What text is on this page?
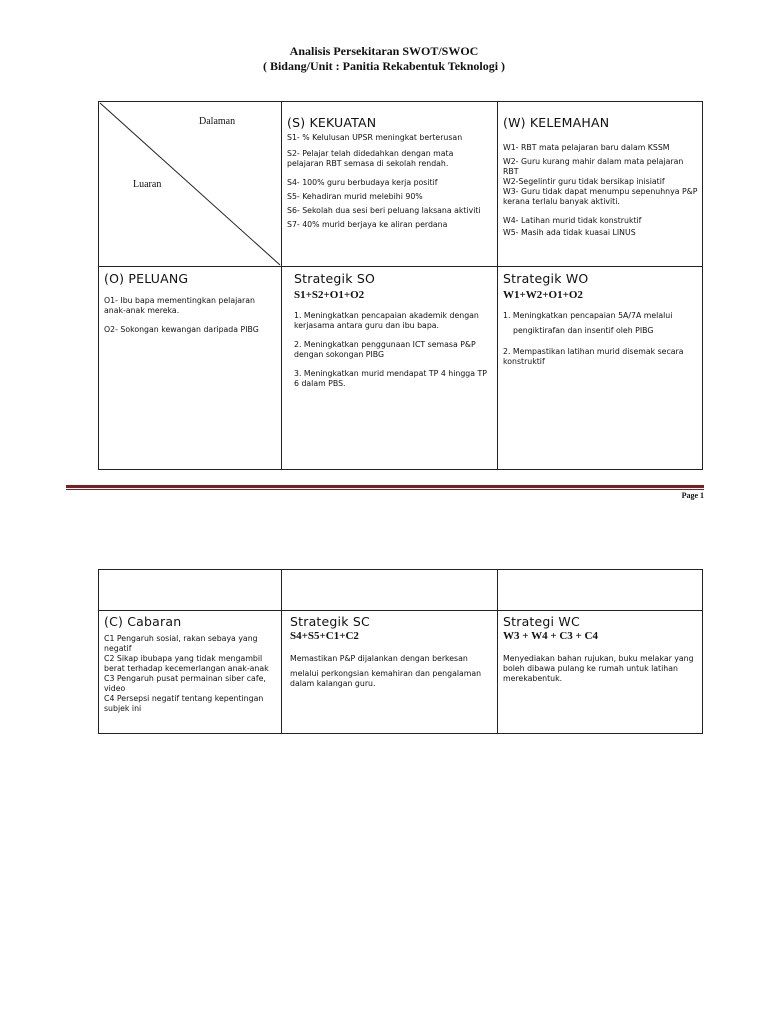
Analisis Persekitaran SWOT/SWOC
( Bidang/Unit : Panitia Rekabentuk Teknologi )
Dalaman
Luaran
(S) KEKUATAN

S1- % Kelulusan UPSR meningkat berterusan

S2- Pelajar telah didedahkan dengan mata pelajaran RBT semasa di sekolah rendah.

S4- 100% guru berbudaya kerja positif

S5- Kehadiran murid melebihi 90%

S6- Sekolah dua sesi beri peluang laksana aktiviti

S7- 40% murid berjaya ke aliran perdana

(W) KELEMAHAN

W1- RBT mata pelajaran baru dalam KSSM

W2- Guru kurang mahir dalam mata pelajaran RBT

W2-Segelintir guru tidak bersikap inisiatif

W3- Guru tidak dapat menumpu sepenuhnya P&P kerana terlalu banyak aktiviti.

W4- Latihan murid tidak konstruktif

W5- Masih ada tidak kuasai LINUS

(O) PELUANG

O1- Ibu bapa mementingkan pelajaran anak-anak mereka.

O2- Sokongan kewangan daripada PIBG

Strategik SO
S1+S2+O1+O2

1. Meningkatkan pencapaian akademik dengan kerjasama antara guru dan ibu bapa.

2. Meningkatkan penggunaan ICT semasa P&P dengan sokongan PIBG

3. Meningkatkan murid mendapat TP 4 hingga TP 6 dalam PBS.

Strategik WO
W1+W2+O1+O2

1. Meningkatkan pencapaian 5A/7A melalui

pengiktirafan dan insentif oleh PIBG

2. Mempastikan latihan murid disemak secara konstruktif

Page 1
(C) Cabaran

C1 Pengaruh sosial, rakan sebaya yang negatif

C2 Sikap ibubapa yang tidak mengambil berat terhadap kecemerlangan anak-anak

C3 Pengaruh pusat permainan siber cafe, video

C4 Persepsi negatif tentang kepentingan subjek ini

Strategik SC
S4+S5+C1+C2

Memastikan P&P dijalankan dengan berkesan

melalui perkongsian kemahiran dan pengalaman dalam kalangan guru.

Strategi WC
W3 + W4 + C3 + C4

Menyediakan bahan rujukan, buku melakar yang boleh dibawa pulang ke rumah untuk latihan merekabentuk.
